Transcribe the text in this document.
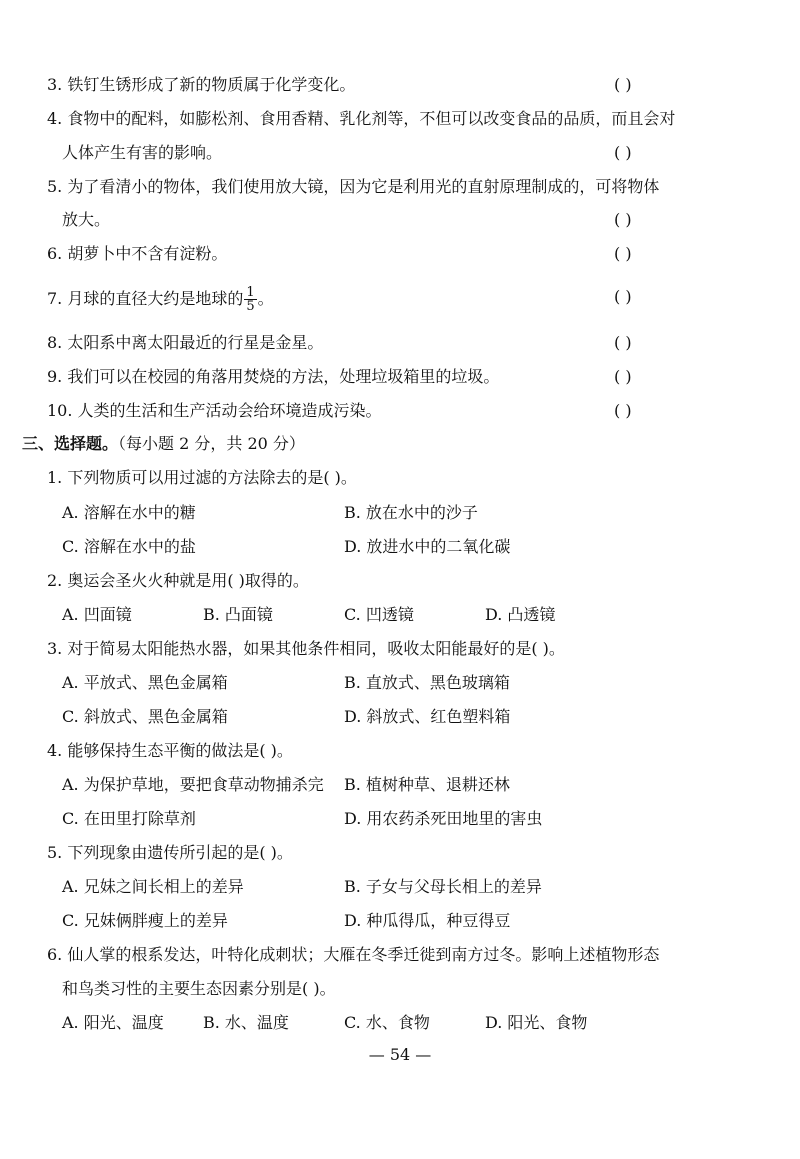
3. 铁钉生锈形成了新的物质属于化学变化。	( )
4. 食物中的配料，如膨松剂、食用香精、乳化剂等，不但可以改变食品的品质，而且会对
人体产生有害的影响。	( )
5. 为了看清小的物体，我们使用放大镜，因为它是利用光的直射原理制成的，可将物体
放大。	( )
6. 胡萝卜中不含有淀粉。	( )
7. 月球的直径大约是地球的 $\frac{1}{5}$ 。	( )
8. 太阳系中离太阳最近的行星是金星。	( )
9. 我们可以在校园的角落用焚烧的方法，处理垃圾箱里的垃圾。	( )
10. 人类的生活和生产活动会给环境造成污染。	( )
三、选择题。（每小题 2 分，共 20 分）
1. 下列物质可以用过滤的方法除去的是( )。
A. 溶解在水中的糖	B. 放在水中的沙子
C. 溶解在水中的盐	D. 放进水中的二氧化碳
2. 奥运会圣火火种就是用( )取得的。
A. 凹面镜	B. 凸面镜	C. 凹透镜	D. 凸透镜
3. 对于简易太阳能热水器，如果其他条件相同，吸收太阳能最好的是( )。
A. 平放式、黑色金属箱	B. 直放式、黑色玻璃箱
C. 斜放式、黑色金属箱	D. 斜放式、红色塑料箱
4. 能够保持生态平衡的做法是( )。
A. 为保护草地，要把食草动物捕杀完 B. 植树种草、退耕还林
C. 在田里打除草剂	D. 用农药杀死田地里的害虫
5. 下列现象由遗传所引起的是( )。
A. 兄妹之间长相上的差异	B. 子女与父母长相上的差异
C. 兄妹俩胖瘦上的差异	D. 种瓜得瓜，种豆得豆
6. 仙人掌的根系发达，叶特化成刺状；大雁在冬季迁徙到南方过冬。影响上述植物形态
和鸟类习性的主要生态因素分别是( )。
A. 阳光、温度 B. 水、温度	C. 水、食物	D. 阳光、食物
— 54 —
